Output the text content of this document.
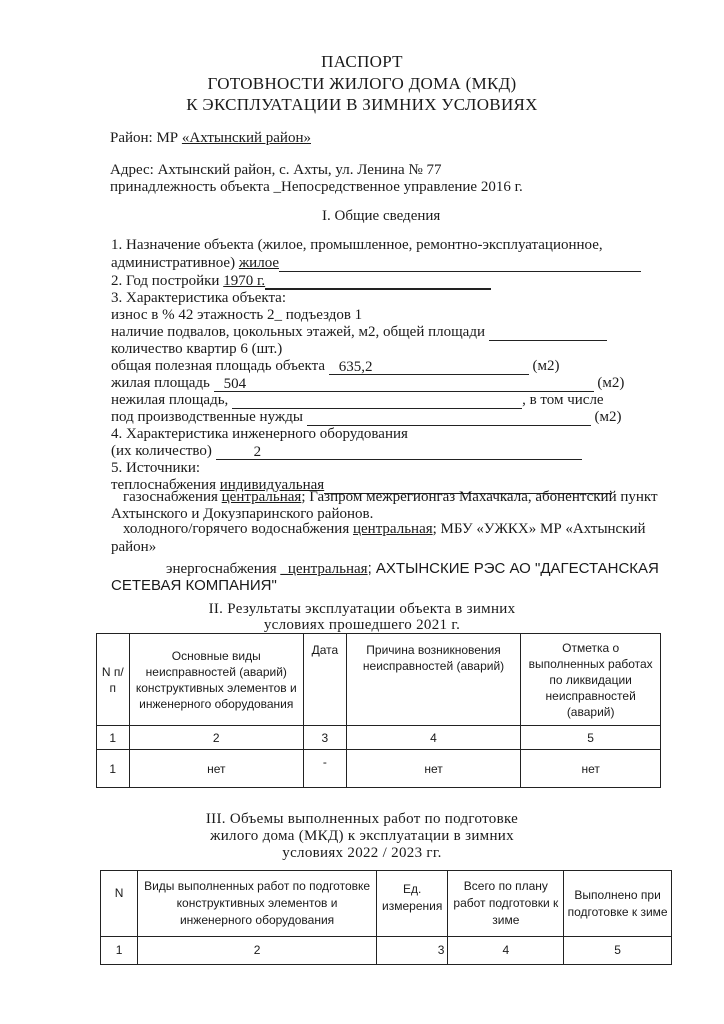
ПАСПОРТ
ГОТОВНОСТИ ЖИЛОГО ДОМА (МКД)
К ЭКСПЛУАТАЦИИ В ЗИМНИХ УСЛОВИЯХ
Район: МР «Ахтынский район»
Адрес: Ахтынский район, с. Ахты, ул. Ленина № 77
принадлежность объекта _Непосредственное управление 2016 г.
I. Общие сведения
1. Назначение объекта (жилое, промышленное, ремонтно-эксплуатационное,
административное) жилое
2. Год постройки 1970 г.
3. Характеристика объекта:
износ в % 42 этажность 2_ подъездов 1
наличие подвалов, цокольных этажей, м2, общей площади
количество квартир 6 (шт.)
общая полезная площадь объекта 635,2	(м2)
жилая площадь 504	(м2)
нежилая площадь,	, в том числе
под производственные нужды	(м2)
4. Характеристика инженерного оборудования
(их количество)	2
5. Источники:
теплоснабжения индивидуальная
газоснабжения центральная; Газпром межрегионгаз Махачкала, абонентский пункт
Ахтынского и Докузпаринского районов.
холодного/горячего водоснабжения центральная; МБУ «УЖКХ» МР «Ахтынский
район»
энергоснабжения _центральная; АХТЫНСКИЕ РЭС АО "ДАГЕСТАНСКАЯ
СЕТЕВАЯ КОМПАНИЯ"
II. Результаты эксплуатации объекта в зимних
условиях прошедшего 2021 г.
N п/п	Основные виды неисправностей (аварий) конструктивных элементов и инженерного оборудования	Дата	Причина возникновения неисправностей (аварий)	Отметка о выполненных работах по ликвидации неисправностей (аварий)
1	2	3	4	5
1	нет	-	нет	нет
III. Объемы выполненных работ по подготовке
жилого дома (МКД) к эксплуатации в зимних
условиях 2022 / 2023 гг.
N	Виды выполненных работ по подготовке конструктивных элементов и инженерного оборудования	Ед. измерения	Всего по плану работ подготовки к зиме	Выполнено при подготовке к зиме
1	2	3	4	5
